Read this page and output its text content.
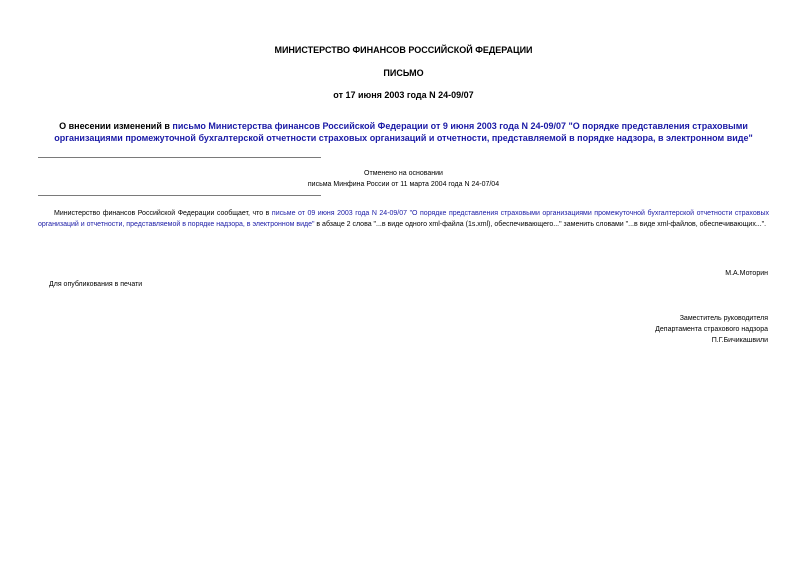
МИНИСТЕРСТВО ФИНАНСОВ РОССИЙСКОЙ ФЕДЕРАЦИИ
ПИСЬМО
от 17 июня 2003 года N 24-09/07
О внесении изменений в письмо Министерства финансов Российской Федерации от 9 июня 2003 года N 24-09/07 "О порядке представления страховыми организациями промежуточной бухгалтерской отчетности страховых организаций и отчетности, представляемой в порядке надзора, в электронном виде"
Отменено на основании
письма Минфина России от 11 марта 2004 года N 24-07/04
Министерство финансов Российской Федерации сообщает, что в письме от 09 июня 2003 года N 24-09/07 "О порядке представления страховыми организациями промежуточной бухгалтерской отчетности страховых организаций и отчетности, представляемой в порядке надзора, в электронном виде" в абзаце 2 слова "...в виде одного xml-файла (1s.xml), обеспечивающего..." заменить словами "...в виде xml-файлов, обеспечивающих...".
М.А.Моторин
Для опубликования в печати
Заместитель руководителя
Департамента страхового надзора
П.Г.Бичикашвили
